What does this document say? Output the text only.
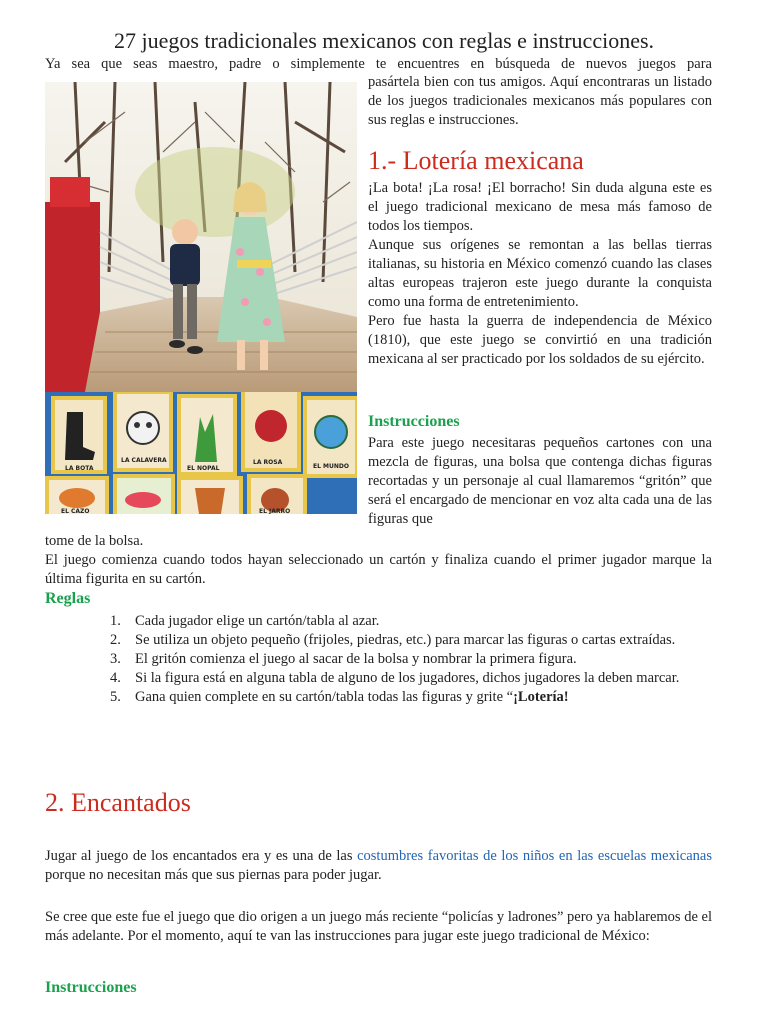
27 juegos tradicionales mexicanos con reglas e instrucciones.
Ya sea que seas maestro, padre o simplemente te encuentres en búsqueda de nuevos juegos para
LA BOTA
LA CALAVERA
EL NOPAL
LA ROSA
EL MUNDO
EL CAZO	EL JARRO
pasártela bien con tus amigos. Aquí encontraras un listado de los juegos tradicionales mexicanos más populares con sus reglas e instrucciones.
1.- Lotería mexicana

¡La bota! ¡La rosa! ¡El borracho! Sin duda alguna este es el juego tradicional mexicano de mesa más famoso de todos los tiempos.

Aunque sus orígenes se remontan a las bellas tierras italianas, su historia en México comenzó cuando las clases altas europeas trajeron este juego durante la conquista como una forma de entretenimiento.

Pero fue hasta la guerra de independencia de México (1810), que este juego se convirtió en una tradición mexicana al ser practicado por los soldados de su ejército.

Instrucciones
Para este juego necesitaras pequeños cartones con una mezcla de figuras, una bolsa que contenga dichas figuras recortadas y un personaje al cual llamaremos “gritón” que será el encargado de mencionar en voz alta cada una de las figuras que

tome de la bolsa.

El juego comienza cuando todos hayan seleccionado un cartón y finaliza cuando el primer jugador marque la última figurita en su cartón.

Reglas
1. Cada jugador elige un cartón/tabla al azar.
2. Se utiliza un objeto pequeño (frijoles, piedras, etc.) para marcar las figuras o cartas extraídas.
3. El gritón comienza el juego al sacar de la bolsa y nombrar la primera figura.
4. Si la figura está en alguna tabla de alguno de los jugadores, dichos jugadores la deben marcar.
5. Gana quien complete en su cartón/tabla todas las figuras y grite “¡Lotería!
2. Encantados
Jugar al juego de los encantados era y es una de las costumbres favoritas de los niños en las escuelas mexicanas porque no necesitan más que sus piernas para poder jugar.
Se cree que este fue el juego que dio origen a un juego más reciente “policías y ladrones” pero ya hablaremos de el más adelante. Por el momento, aquí te van las instrucciones para jugar este juego tradicional de México:
Instrucciones
